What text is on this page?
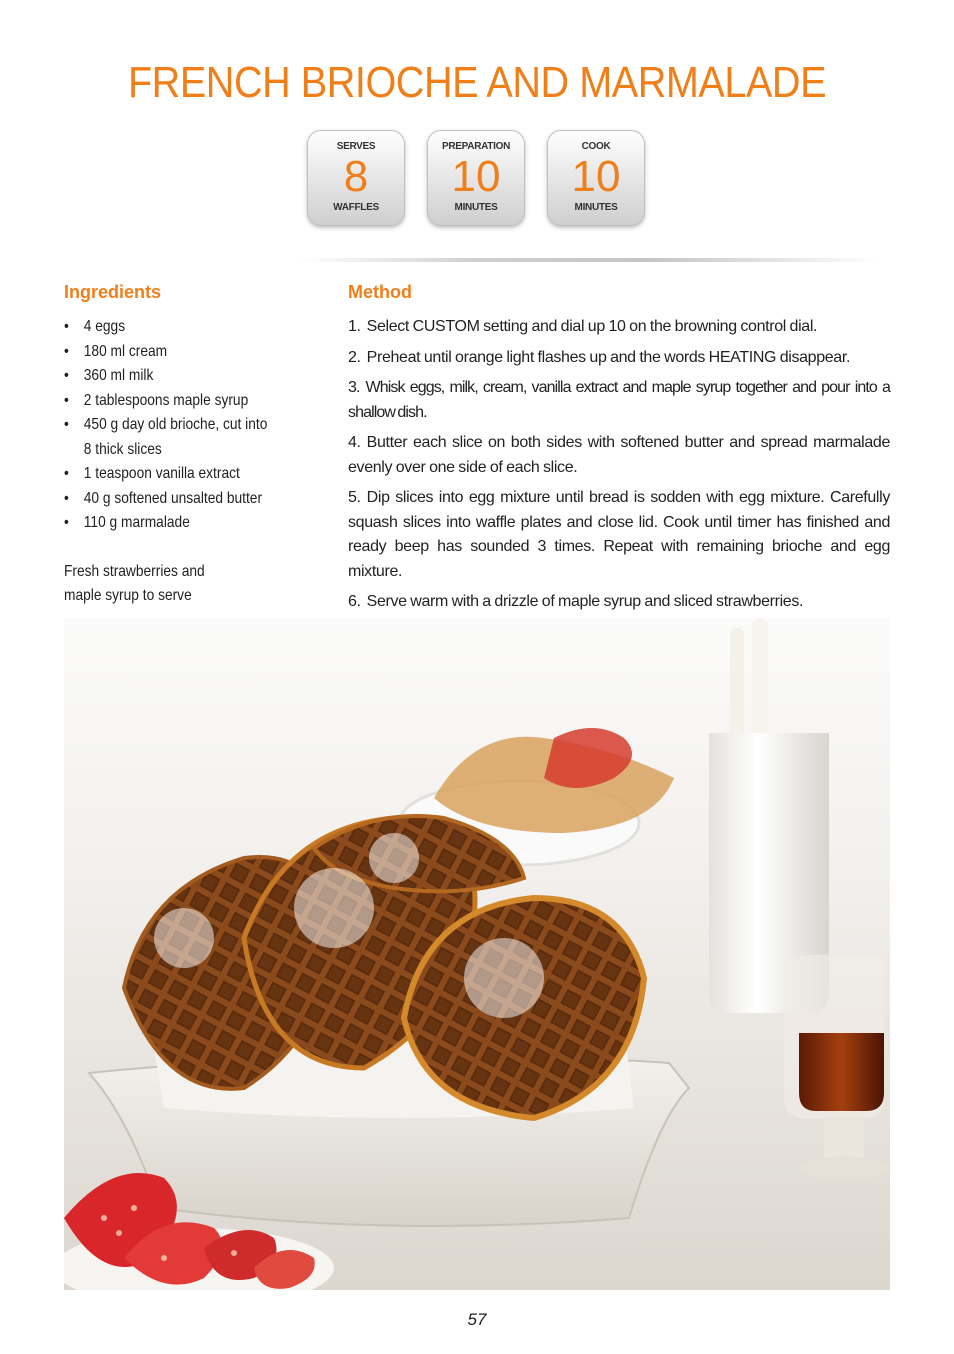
FRENCH BRIOCHE AND MARMALADE
SERVES
8
WAFFLES
PREPARATION
10
MINUTES
COOK
10
MINUTES
Ingredients
• 4 eggs
• 180 ml cream
• 360 ml milk
• 2 tablespoons maple syrup
• 450 g day old brioche, cut into 8 thick slices
• 1 teaspoon vanilla extract
• 40 g softened unsalted butter
• 110 g marmalade

Fresh strawberries and maple syrup to serve

Method
1. Select CUSTOM setting and dial up 10 on the browning control dial.
2. Preheat until orange light flashes up and the words HEATING disappear.
3. Whisk eggs, milk, cream, vanilla extract and maple syrup together and pour into a shallow dish.
4. Butter each slice on both sides with softened butter and spread marmalade evenly over one side of each slice.
5. Dip slices into egg mixture until bread is sodden with egg mixture. Carefully squash slices into waffle plates and close lid. Cook until timer has finished and ready beep has sounded 3 times. Repeat with remaining brioche and egg mixture.
6. Serve warm with a drizzle of maple syrup and sliced strawberries.
57
